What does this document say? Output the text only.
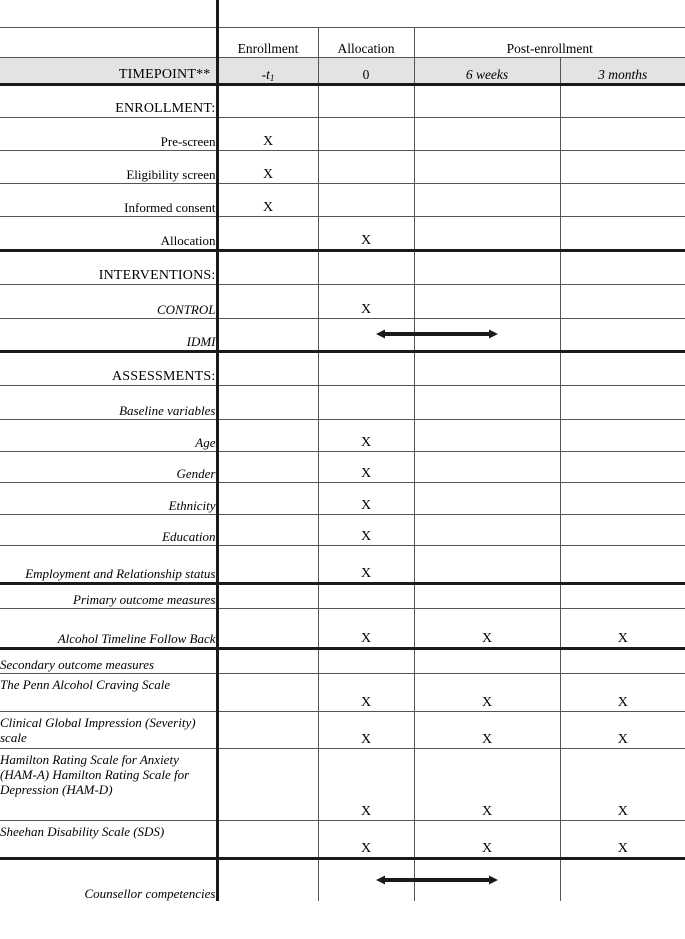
	Enrollment	Allocation	Post-enrollment	
TIMEPOINT**	$-t_1$	0	6 weeks	3 months
ENROLLMENT:				
Pre-screen	X			
Eligibility screen	X			
Informed consent	X			
Allocation		X		
INTERVENTIONS:				
CONTROL		X		
IDMI		

ASSESSMENTS:				
Baseline variables				
Age		X		
Gender		X		
Ethnicity		X		
Education		X		
Employment and Relationship status		X		
Primary outcome measures				
Alcohol Timeline Follow Back		X	X	X
Secondary outcome measures				
The Penn Alcohol Craving Scale		X	X	X
Clinical Global Impression (Severity) scale		X	X	X
Hamilton Rating Scale for Anxiety (HAM-A) Hamilton Rating Scale for Depression (HAM-D)		X	X	X
Sheehan Disability Scale (SDS)		X	X	X
Counsellor competencies		
